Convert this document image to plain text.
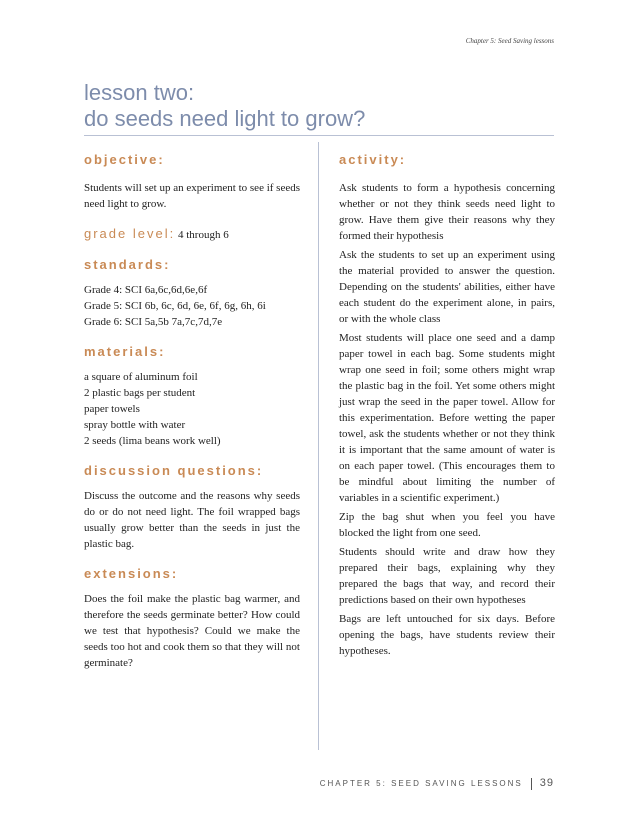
Chapter 5: Seed Saving lessons
lesson two:
do seeds need light to grow?
objective:

Students will set up an experiment to see if seeds need light to grow.

grade level: 4 through 6
standards:
Grade 4: SCI 6a,6c,6d,6e,6f
Grade 5: SCI 6b, 6c, 6d, 6e, 6f, 6g, 6h, 6i
Grade 6: SCI 5a,5b 7a,7c,7d,7e
materials:
a square of aluminum foil
2 plastic bags per student
paper towels
spray bottle with water
2 seeds (lima beans work well)
discussion questions:

Discuss the outcome and the reasons why seeds do or do not need light. The foil wrapped bags usually grow better than the seeds in just the plastic bag.

extensions:

Does the foil make the plastic bag warmer, and therefore the seeds germinate better? How could we test that hypothesis? Could we make the seeds too hot and cook them so that they will not germinate?

activity:

Ask students to form a hypothesis concerning whether or not they think seeds need light to grow. Have them give their reasons why they formed their hypothesis

Ask the students to set up an experiment using the material provided to answer the question. Depending on the students' abilities, either have each student do the experiment alone, in pairs, or with the whole class

Most students will place one seed and a damp paper towel in each bag. Some students might wrap one seed in foil; some others might wrap the plastic bag in the foil. Yet some others might just wrap the seed in the paper towel. Allow for this experimentation. Before wetting the paper towel, ask the students whether or not they think it is important that the same amount of water is on each paper towel. (This encourages them to be mindful about limiting the number of variables in a scientific experiment.)

Zip the bag shut when you feel you have blocked the light from one seed.

Students should write and draw how they prepared their bags, explaining why they prepared the bags that way, and record their predictions based on their own hypotheses

Bags are left untouched for six days. Before opening the bags, have students review their hypotheses.

CHAPTER 5: SEED SAVING LESSONS 39
